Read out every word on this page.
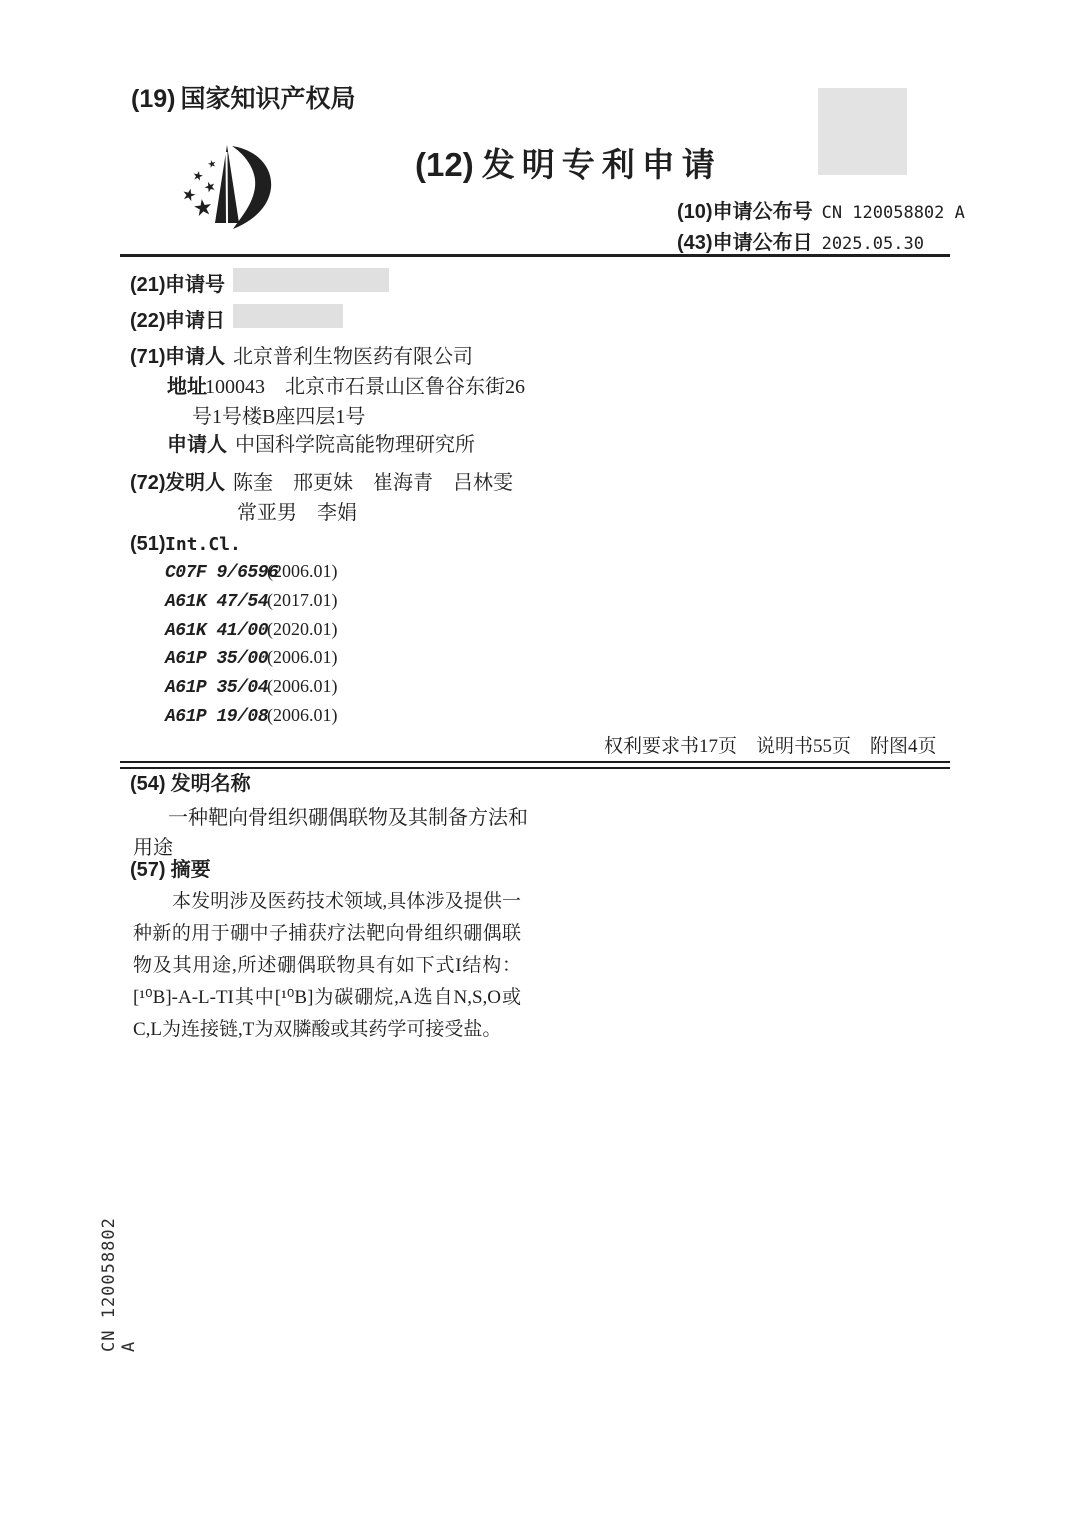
(19) 国家知识产权局
(12) 发明专利申请
(10)申请公布号 CN 120058802 A
(43)申请公布日 2025.05.30
(21)申请号
(22)申请日
(71)申请人 北京普利生物医药有限公司
地址
100043　北京市石景山区鲁谷东街26
号1号楼B座四层1号
申请人 中国科学院高能物理研究所
(72)发明人 陈奎　邢更妹　崔海青　吕林雯
常亚男　李娟
(51)Int.Cl.
C07F 9/6596
(2006.01)
A61K 47/54
(2017.01)
A61K 41/00
(2020.01)
A61P 35/00
(2006.01)
A61P 35/04
(2006.01)
A61P 19/08
(2006.01)
权利要求书17页　说明书55页　附图4页
(54) 发明名称
一种靶向骨组织硼偶联物及其制备方法和
用途
(57) 摘要
本发明涉及医药技术领域,具体涉及提供一
种新的用于硼中子捕获疗法靶向骨组织硼偶联
物及其用途,所述硼偶联物具有如下式I结构：
[¹⁰B]-A-L-TI其中[¹⁰B]为碳硼烷,A选自N,S,O或
C,L为连接链,T为双膦酸或其药学可接受盐。
CN 120058802 A
